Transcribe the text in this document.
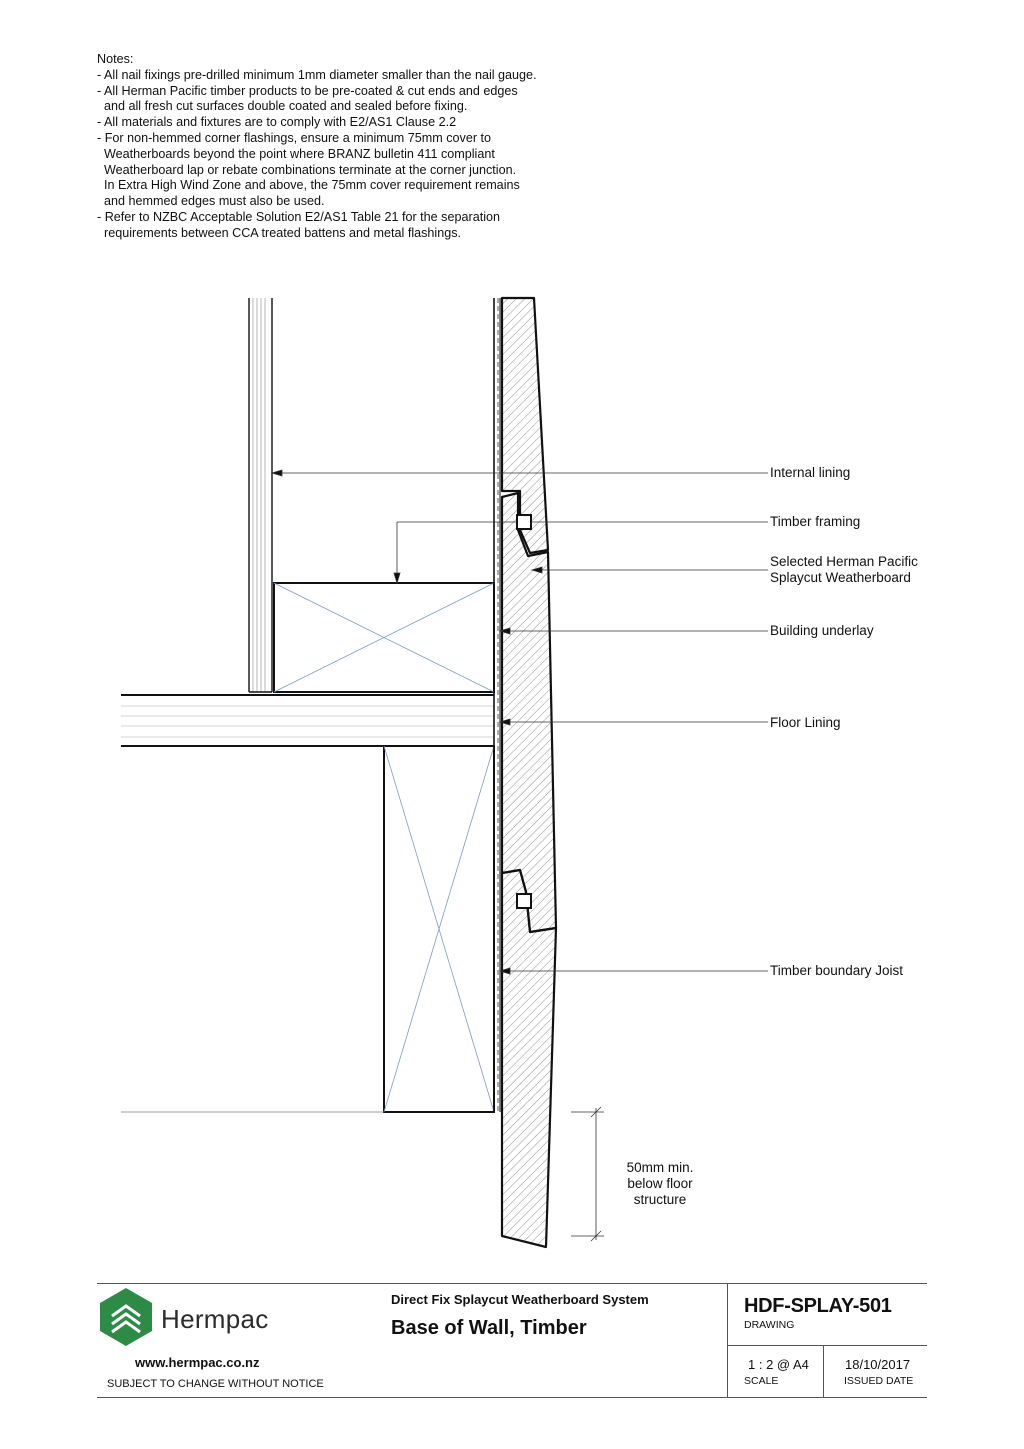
Notes:
- All nail fixings pre-drilled minimum 1mm diameter smaller than the nail gauge.
- All Herman Pacific timber products to be pre-coated & cut ends and edges
and all fresh cut surfaces double coated and sealed before fixing.
- All materials and fixtures are to comply with E2/AS1 Clause 2.2
- For non-hemmed corner flashings, ensure a minimum 75mm cover to
Weatherboards beyond the point where BRANZ bulletin 411 compliant
Weatherboard lap or rebate combinations terminate at the corner junction.
In Extra High Wind Zone and above, the 75mm cover requirement remains
and hemmed edges must also be used.
- Refer to NZBC Acceptable Solution E2/AS1 Table 21 for the separation
requirements between CCA treated battens and metal flashings.
Internal lining
Timber framing
Selected Herman Pacific
Splaycut Weatherboard
Building underlay
Floor Lining
Timber boundary Joist
50mm min.
below floor
structure
Hermpac
www.hermpac.co.nz
SUBJECT TO CHANGE WITHOUT NOTICE
Direct Fix Splaycut Weatherboard System
Base of Wall, Timber
HDF-SPLAY-501
DRAWING
1 : 2 @ A4
SCALE
18/10/2017
ISSUED DATE
